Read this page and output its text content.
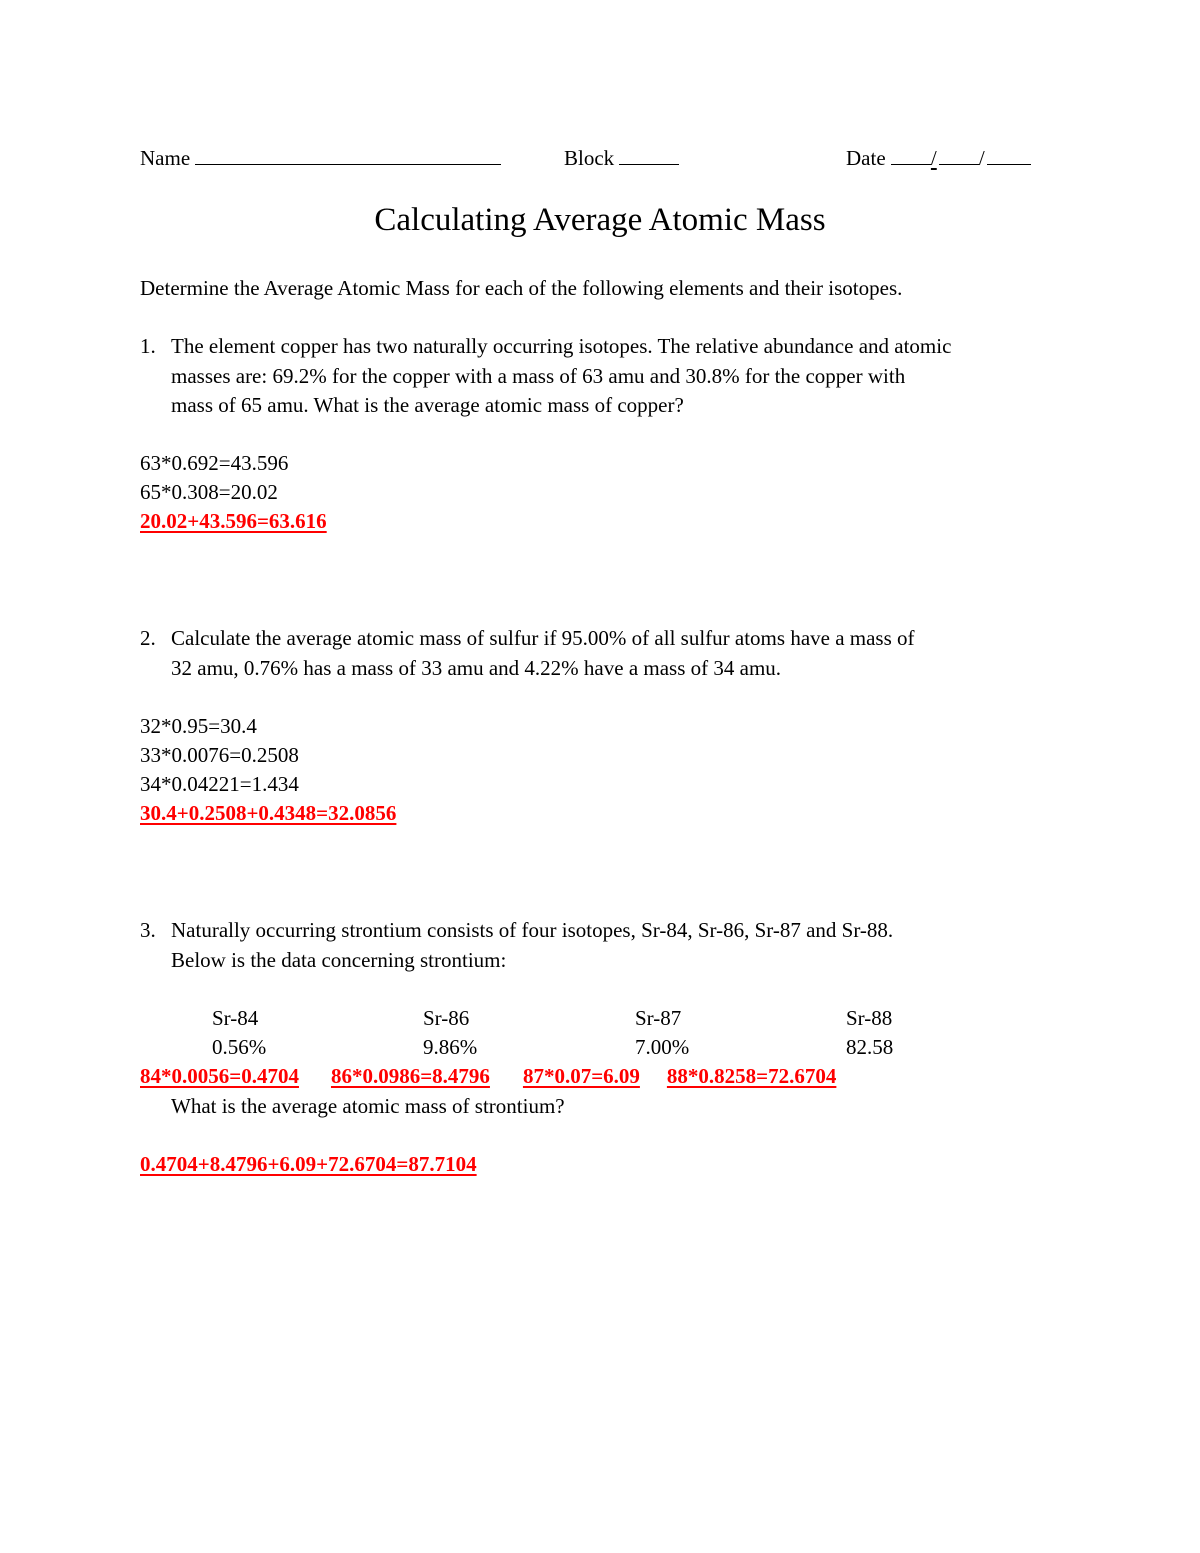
Name	Block	Date / /
Calculating Average Atomic Mass
Determine the Average Atomic Mass for each of the following elements and their isotopes.
1. The element copper has two naturally occurring isotopes. The relative abundance and atomic
masses are: 69.2% for the copper with a mass of 63 amu and 30.8% for the copper with
mass of 65 amu. What is the average atomic mass of copper?
63*0.692=43.596
65*0.308=20.02
20.02+43.596=63.616
2. Calculate the average atomic mass of sulfur if 95.00% of all sulfur atoms have a mass of
32 amu, 0.76% has a mass of 33 amu and 4.22% have a mass of 34 amu.
32*0.95=30.4
33*0.0076=0.2508
34*0.04221=1.434
30.4+0.2508+0.4348=32.0856
3. Naturally occurring strontium consists of four isotopes, Sr-84, Sr-86, Sr-87 and Sr-88.
Below is the data concerning strontium:
Sr-84	Sr-86	Sr-87	Sr-88
0.56%	9.86%	7.00%	82.58
84*0.0056=0.4704 86*0.0986=8.4796 87*0.07=6.09 88*0.8258=72.6704
What is the average atomic mass of strontium?
0.4704+8.4796+6.09+72.6704=87.7104
